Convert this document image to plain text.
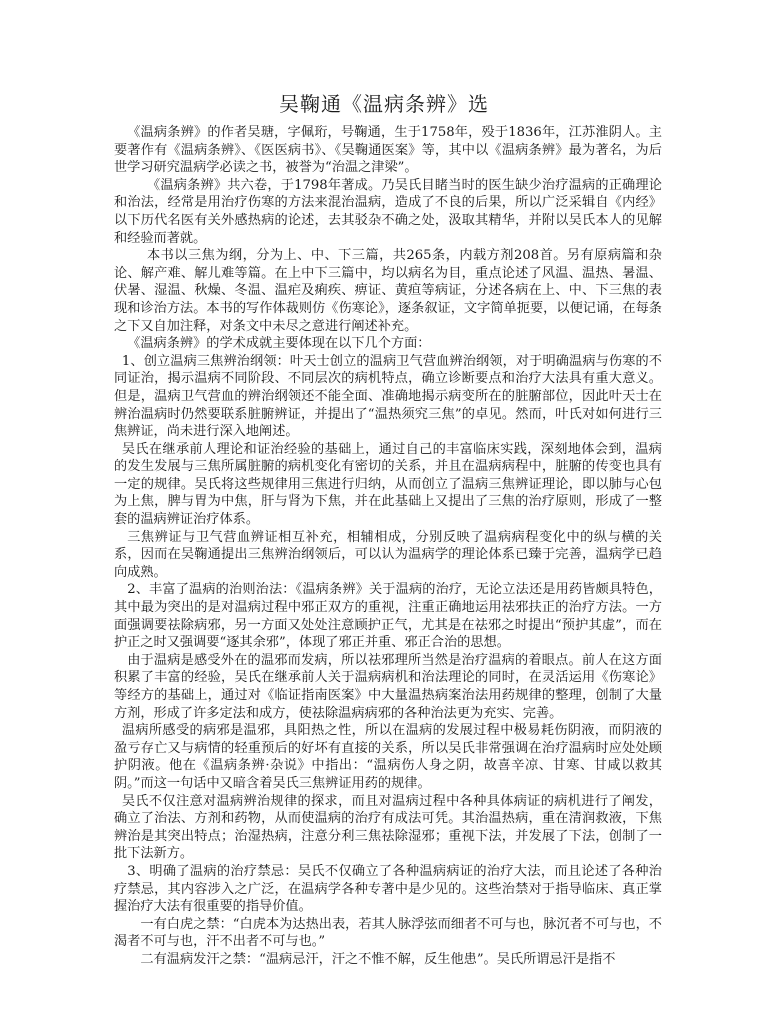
吴鞠通《温病条辨》选

《温病条辨》的作者吴瑭，字佩珩，号鞠通，生于1758年，殁于1836年，江苏淮阴人。主要著作有《温病条辨》、《医医病书》、《吴鞠通医案》等，其中以《温病条辨》最为著名，为后世学习研究温病学必读之书，被誉为“治温之津梁”。

《温病条辨》共六卷，于1798年著成。乃吴氏目睹当时的医生缺少治疗温病的正确理论和治法，经常是用治疗伤寒的方法来混治温病，造成了不良的后果，所以广泛采辑自《内经》以下历代名医有关外感热病的论述，去其驳杂不确之处，汲取其精华，并附以吴氏本人的见解和经验而著就。

本书以三焦为纲，分为上、中、下三篇，共265条，内载方剂208首。另有原病篇和杂论、解产难、解儿难等篇。在上中下三篇中，均以病名为目，重点论述了风温、温热、暑温、伏暑、湿温、秋燥、冬温、温疟及痢疾、痹证、黄疸等病证，分述各病在上、中、下三焦的表现和诊治方法。本书的写作体裁则仿《伤寒论》，逐条叙证，文字简单扼要，以便记诵，在每条之下又自加注释，对条文中未尽之意进行阐述补充。

《温病条辨》的学术成就主要体现在以下几个方面：

1、创立温病三焦辨治纲领：叶天士创立的温病卫气营血辨治纲领，对于明确温病与伤寒的不同证治，揭示温病不同阶段、不同层次的病机特点，确立诊断要点和治疗大法具有重大意义。但是，温病卫气营血的辨治纲领还不能全面、准确地揭示病变所在的脏腑部位，因此叶天士在辨治温病时仍然要联系脏腑辨证，并提出了“温热须究三焦”的卓见。然而，叶氏对如何进行三焦辨证，尚未进行深入地阐述。

吴氏在继承前人理论和证治经验的基础上，通过自己的丰富临床实践，深刻地体会到，温病的发生发展与三焦所属脏腑的病机变化有密切的关系，并且在温病病程中，脏腑的传变也具有一定的规律。吴氏将这些规律用三焦进行归纳，从而创立了温病三焦辨证理论，即以肺与心包为上焦，脾与胃为中焦，肝与肾为下焦，并在此基础上又提出了三焦的治疗原则，形成了一整套的温病辨证治疗体系。

三焦辨证与卫气营血辨证相互补充，相辅相成，分别反映了温病病程变化中的纵与横的关系，因而在吴鞠通提出三焦辨治纲领后，可以认为温病学的理论体系已臻于完善，温病学已趋向成熟。

2、丰富了温病的治则治法：《温病条辨》关于温病的治疗，无论立法还是用药皆颇具特色，其中最为突出的是对温病过程中邪正双方的重视，注重正确地运用祛邪扶正的治疗方法。一方面强调要祛除病邪，另一方面又处处注意顾护正气，尤其是在祛邪之时提出“预护其虚”，而在护正之时又强调要“逐其余邪”，体现了邪正并重、邪正合治的思想。

由于温病是感受外在的温邪而发病，所以祛邪理所当然是治疗温病的着眼点。前人在这方面积累了丰富的经验，吴氏在继承前人关于温病病机和治法理论的同时，在灵活运用《伤寒论》等经方的基础上，通过对《临证指南医案》中大量温热病案治法用药规律的整理，创制了大量方剂，形成了许多定法和成方，使祛除温病病邪的各种治法更为充实、完善。

温病所感受的病邪是温邪，具阳热之性，所以在温病的发展过程中极易耗伤阴液，而阴液的盈亏存亡又与病情的轻重预后的好坏有直接的关系，所以吴氏非常强调在治疗温病时应处处顾护阴液。他在《温病条辨·杂说》中指出：“温病伤人身之阴，故喜辛凉、甘寒、甘咸以救其阴。”而这一句话中又暗含着吴氏三焦辨证用药的规律。

吴氏不仅注意对温病辨治规律的探求，而且对温病过程中各种具体病证的病机进行了阐发，确立了治法、方剂和药物，从而使温病的治疗有成法可凭。其治温热病，重在清润救液，下焦辨治是其突出特点；治湿热病，注意分利三焦祛除湿邪；重视下法，并发展了下法，创制了一批下法新方。

3、明确了温病的治疗禁忌：吴氏不仅确立了各种温病病证的治疗大法，而且论述了各种治疗禁忌，其内容涉入之广泛，在温病学各种专著中是少见的。这些治禁对于指导临床、真正掌握治疗大法有很重要的指导价值。

一有白虎之禁：“白虎本为达热出表，若其人脉浮弦而细者不可与也，脉沉者不可与也，不渴者不可与也，汗不出者不可与也。”

二有温病发汗之禁：“温病忌汗，汗之不惟不解，反生他患”。吴氏所谓忌汗是指不
